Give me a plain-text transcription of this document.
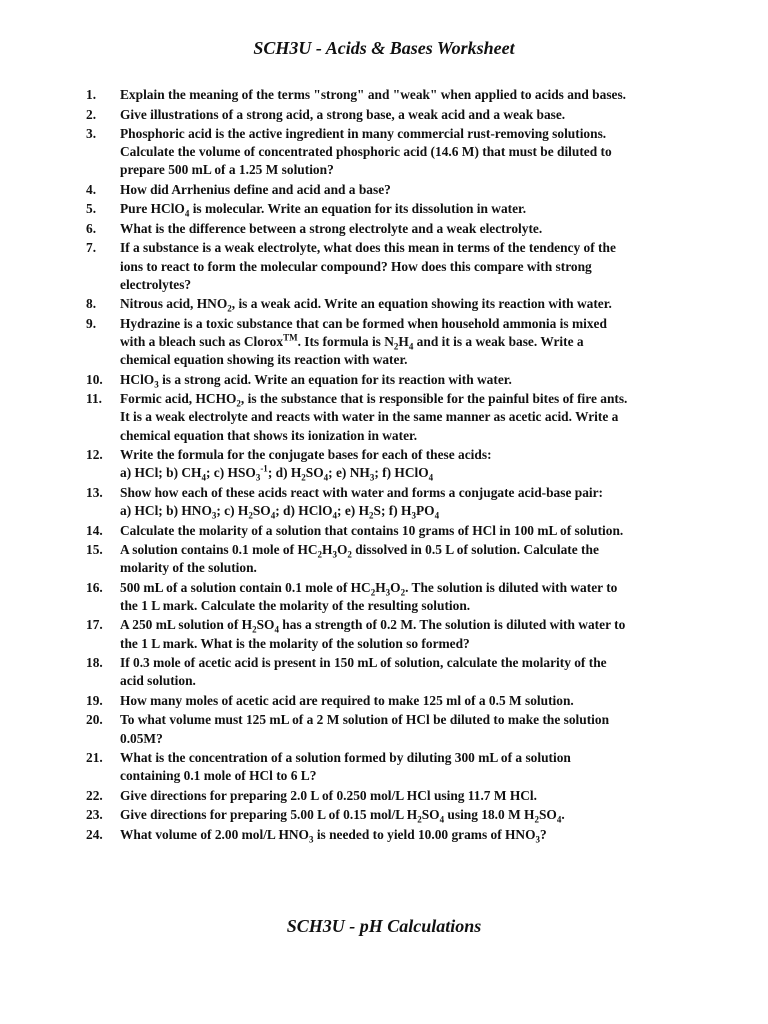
SCH3U - Acids & Bases Worksheet
1.	Explain the meaning of the terms "strong" and "weak" when applied to acids and bases.
2.	Give illustrations of a strong acid, a strong base, a weak acid and a weak base.
3.	Phosphoric acid is the active ingredient in many commercial rust-removing solutions.
Calculate the volume of concentrated phosphoric acid (14.6 M) that must be diluted to
prepare 500 mL of a 1.25 M solution?
4.	How did Arrhenius define and acid and a base?
5.	Pure HClO$_4$ is molecular. Write an equation for its dissolution in water.
6.	What is the difference between a strong electrolyte and a weak electrolyte.
7.	If a substance is a weak electrolyte, what does this mean in terms of the tendency of the
ions to react to form the molecular compound? How does this compare with strong
electrolytes?
8.	Nitrous acid, $HNO_2$, is a weak acid. Write an equation showing its reaction with water.
9.	Hydrazine is a toxic substance that can be formed when household ammonia is mixed
with a bleach such as Clorox™. Its formula is $N_2H_4$ and it is a weak base. Write a
chemical equation showing its reaction with water.
10.	HClO$_3$ is a strong acid. Write an equation for its reaction with water.
11.	Formic acid, $HCHO_2$, is the substance that is responsible for the painful bites of fire ants.
It is a weak electrolyte and reacts with water in the same manner as acetic acid. Write a
chemical equation that shows its ionization in water.
12.	Write the formula for the conjugate bases for each of these acids:
a) HCl; b) $CH_4$; c) $HSO_3^{-1}$; d) $H_2SO_4$; e) $NH_3$; f) HClO$_4$
13.	Show how each of these acids react with water and forms a conjugate acid-base pair:
a) HCl; b) $HNO_3$; c) $H_2SO_4$; d) HClO$_4$; e) $H_2S$; f) $H_3PO_4$
14.	Calculate the molarity of a solution that contains 10 grams of HCl in 100 mL of solution.
15.	A solution contains 0.1 mole of $HC_2H_3O_2$ dissolved in 0.5 L of solution. Calculate the
molarity of the solution.
16.	500 mL of a solution contain 0.1 mole of $HC_2H_3O_2$. The solution is diluted with water to
the 1 L mark. Calculate the molarity of the resulting solution.
17.	A 250 mL solution of $H_2SO_4$ has a strength of 0.2 M. The solution is diluted with water to
the 1 L mark. What is the molarity of the solution so formed?
18.	If 0.3 mole of acetic acid is present in 150 mL of solution, calculate the molarity of the
acid solution.
19.	How many moles of acetic acid are required to make 125 ml of a 0.5 M solution.
20.	To what volume must 125 mL of a 2 M solution of HCl be diluted to make the solution
0.05M?
21.	What is the concentration of a solution formed by diluting 300 mL of a solution
containing 0.1 mole of HCl to 6 L?
22.	Give directions for preparing 2.0 L of 0.250 mol/L HCl using 11.7 M HCl.
23.	Give directions for preparing 5.00 L of 0.15 mol/L $H_2SO_4$ using 18.0 M $H_2SO_4$.
24.	What volume of 2.00 mol/L $HNO_3$ is needed to yield 10.00 grams of $HNO_3$?
SCH3U - pH Calculations
